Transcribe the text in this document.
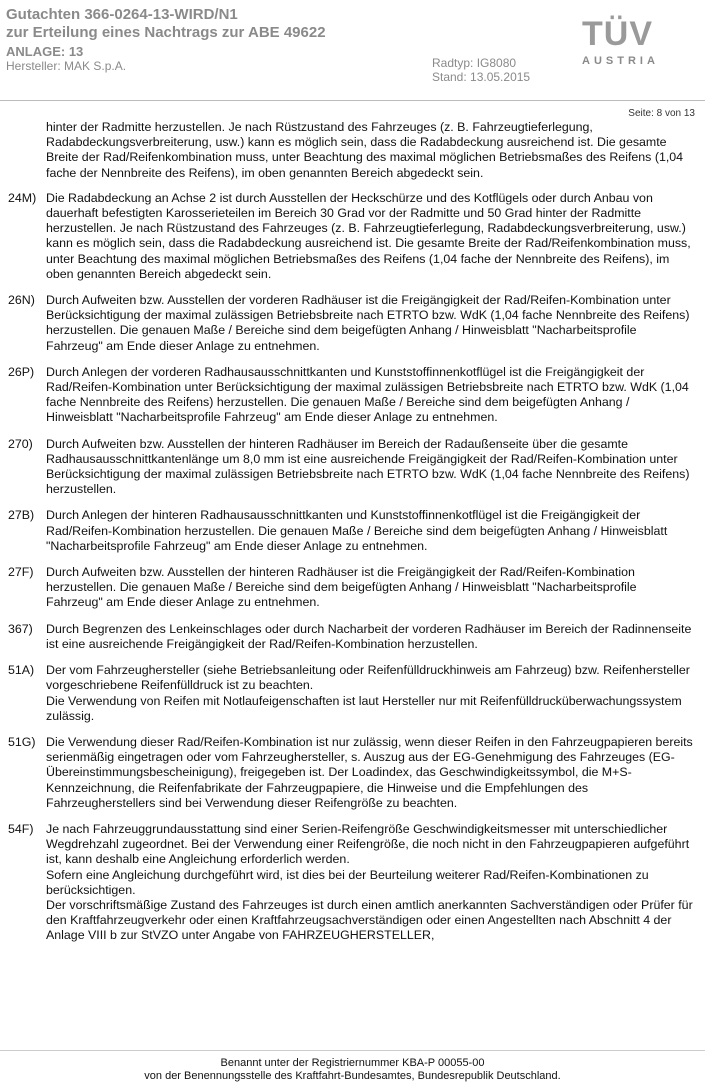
Gutachten 366-0264-13-WIRD/N1
zur Erteilung eines Nachtrags zur ABE 49622
ANLAGE: 13
Hersteller: MAK S.p.A.	Radtyp: IG8080
Stand: 13.05.2015
TÜV
AUSTRIA
Seite: 8 von 13
hinter der Radmitte herzustellen. Je nach Rüstzustand des Fahrzeuges (z. B. Fahrzeugtieferlegung, Radabdeckungsverbreiterung, usw.) kann es möglich sein, dass die Radabdeckung ausreichend ist. Die gesamte Breite der Rad/Reifenkombination muss, unter Beachtung des maximal möglichen Betriebsmaßes des Reifens (1,04 fache der Nennbreite des Reifens), im oben genannten Bereich abgedeckt sein.
24M) Die Radabdeckung an Achse 2 ist durch Ausstellen der Heckschürze und des Kotflügels oder durch Anbau von dauerhaft befestigten Karosserieteilen im Bereich 30 Grad vor der Radmitte und 50 Grad hinter der Radmitte herzustellen. Je nach Rüstzustand des Fahrzeuges (z. B. Fahrzeugtieferlegung, Radabdeckungsverbreiterung, usw.) kann es möglich sein, dass die Radabdeckung ausreichend ist. Die gesamte Breite der Rad/Reifenkombination muss, unter Beachtung des maximal möglichen Betriebsmaßes des Reifens (1,04 fache der Nennbreite des Reifens), im oben genannten Bereich abgedeckt sein.

26N) Durch Aufweiten bzw. Ausstellen der vorderen Radhäuser ist die Freigängigkeit der Rad/Reifen-Kombination unter Berücksichtigung der maximal zulässigen Betriebsbreite nach ETRTO bzw. WdK (1,04 fache Nennbreite des Reifens) herzustellen. Die genauen Maße / Bereiche sind dem beigefügten Anhang / Hinweisblatt "Nacharbeitsprofile Fahrzeug" am Ende dieser Anlage zu entnehmen.

26P) Durch Anlegen der vorderen Radhausausschnittkanten und Kunststoffinnenkotflügel ist die Freigängigkeit der Rad/Reifen-Kombination unter Berücksichtigung der maximal zulässigen Betriebsbreite nach ETRTO bzw. WdK (1,04 fache Nennbreite des Reifens) herzustellen. Die genauen Maße / Bereiche sind dem beigefügten Anhang / Hinweisblatt "Nacharbeitsprofile Fahrzeug" am Ende dieser Anlage zu entnehmen.

270)	Durch Aufweiten bzw. Ausstellen der hinteren Radhäuser im Bereich der Radaußenseite über die gesamte Radhausausschnittkantenlänge um 8,0 mm ist eine ausreichende Freigängigkeit der Rad/Reifen-Kombination unter Berücksichtigung der maximal zulässigen Betriebsbreite nach ETRTO bzw. WdK (1,04 fache Nennbreite des Reifens) herzustellen.

27B) Durch Anlegen der hinteren Radhausausschnittkanten und Kunststoffinnenkotflügel ist die Freigängigkeit der Rad/Reifen-Kombination herzustellen. Die genauen Maße / Bereiche sind dem beigefügten Anhang / Hinweisblatt "Nacharbeitsprofile Fahrzeug" am Ende dieser Anlage zu entnehmen.

27F)	Durch Aufweiten bzw. Ausstellen der hinteren Radhäuser ist die Freigängigkeit der Rad/Reifen-Kombination herzustellen. Die genauen Maße / Bereiche sind dem beigefügten Anhang / Hinweisblatt "Nacharbeitsprofile Fahrzeug" am Ende dieser Anlage zu entnehmen.

367)	Durch Begrenzen des Lenkeinschlages oder durch Nacharbeit der vorderen Radhäuser im Bereich der Radinnenseite ist eine ausreichende Freigängigkeit der Rad/Reifen-Kombination herzustellen.

51A) Der vom Fahrzeughersteller (siehe Betriebsanleitung oder Reifenfülldruckhinweis am Fahrzeug) bzw. Reifenhersteller vorgeschriebene Reifenfülldruck ist zu beachten.

Die Verwendung von Reifen mit Notlaufeigenschaften ist laut Hersteller nur mit Reifenfülldrucküberwachungssystem zulässig.

51G) Die Verwendung dieser Rad/Reifen-Kombination ist nur zulässig, wenn dieser Reifen in den Fahrzeugpapieren bereits serienmäßig eingetragen oder vom Fahrzeughersteller, s. Auszug aus der EG-Genehmigung des Fahrzeuges (EG-Übereinstimmungsbescheinigung), freigegeben ist. Der Loadindex, das Geschwindigkeitssymbol, die M+S-Kennzeichnung, die Reifenfabrikate der Fahrzeugpapiere, die Hinweise und die Empfehlungen des Fahrzeugherstellers sind bei Verwendung dieser Reifengröße zu beachten.

54F)	Je nach Fahrzeuggrundausstattung sind einer Serien-Reifengröße Geschwindigkeitsmesser mit unterschiedlicher Wegdrehzahl zugeordnet. Bei der Verwendung einer Reifengröße, die noch nicht in den Fahrzeugpapieren aufgeführt ist, kann deshalb eine Angleichung erforderlich werden.

Sofern eine Angleichung durchgeführt wird, ist dies bei der Beurteilung weiterer Rad/Reifen-Kombinationen zu berücksichtigen.

Der vorschriftsmäßige Zustand des Fahrzeuges ist durch einen amtlich anerkannten Sachverständigen oder Prüfer für den Kraftfahrzeugverkehr oder einen Kraftfahrzeugsachverständigen oder einen Angestellten nach Abschnitt 4 der Anlage VIII b zur StVZO unter Angabe von FAHRZEUGHERSTELLER,

Benannt unter der Registriernummer KBA-P 00055-00
von der Benennungsstelle des Kraftfahrt-Bundesamtes, Bundesrepublik Deutschland.
